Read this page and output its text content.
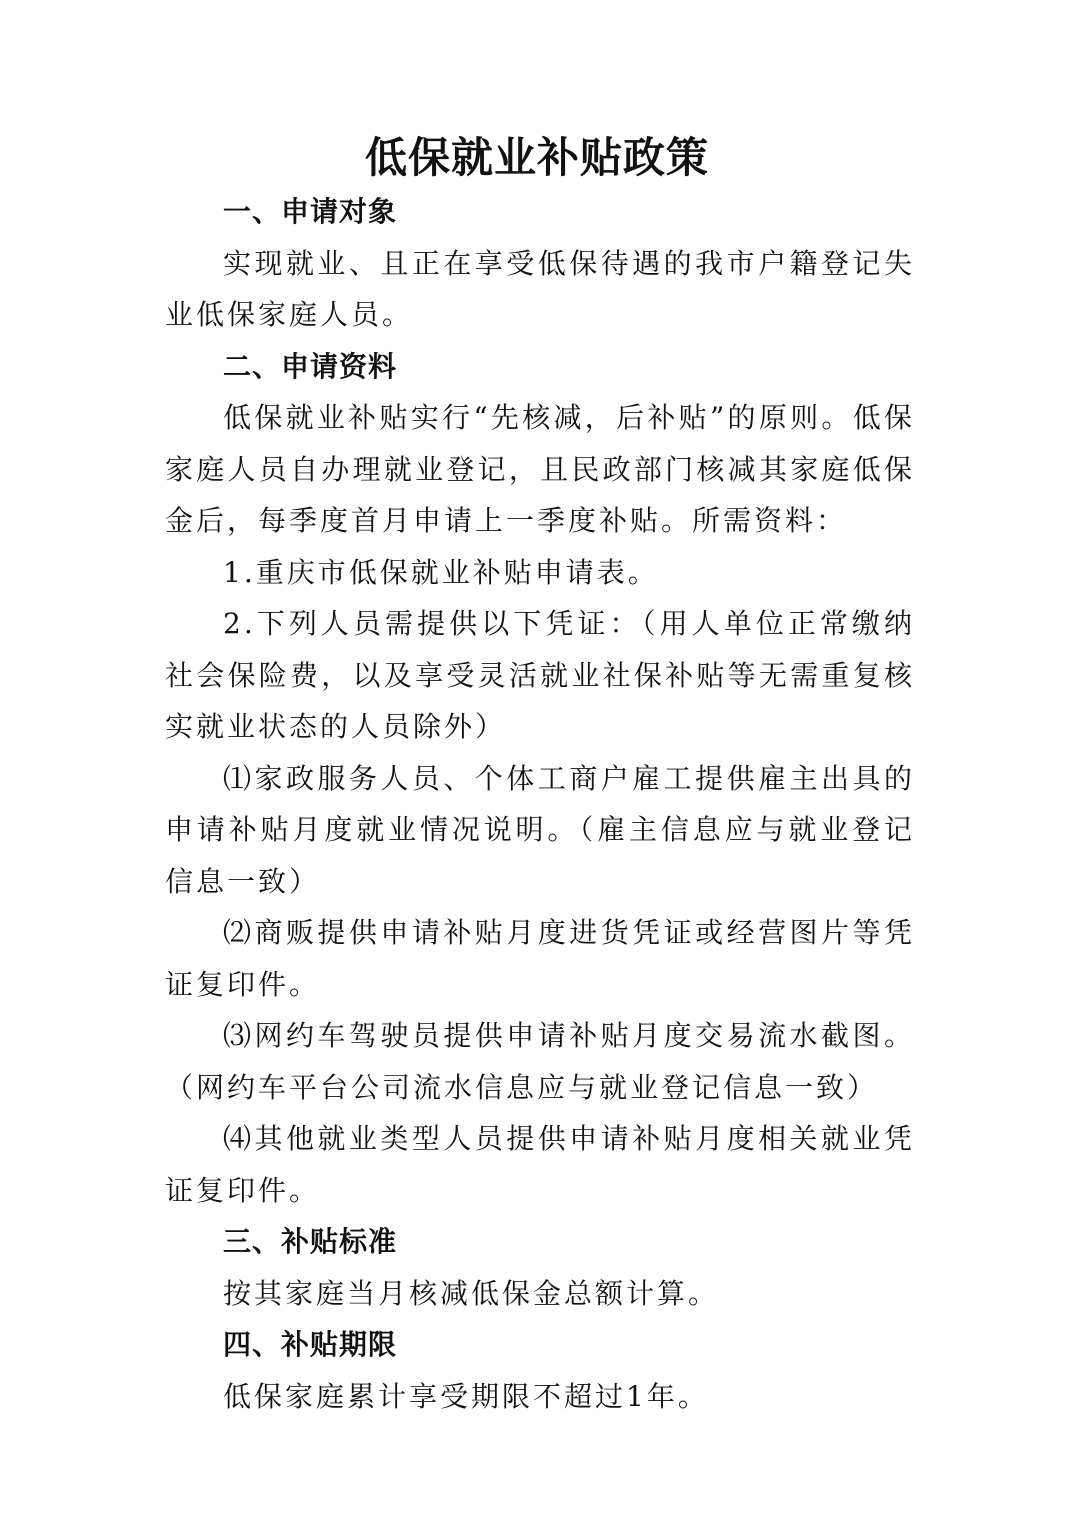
低保就业补贴政策

一、申请对象

实现就业、且正在享受低保待遇的我市户籍登记失业低保家庭人员。

二、申请资料

低保就业补贴实行“先核减，后补贴”的原则。低保家庭人员自办理就业登记，且民政部门核减其家庭低保金后，每季度首月申请上一季度补贴。所需资料：

1.重庆市低保就业补贴申请表。

2.下列人员需提供以下凭证：（用人单位正常缴纳社会保险费，以及享受灵活就业社保补贴等无需重复核实就业状态的人员除外）

⑴家政服务人员、个体工商户雇工提供雇主出具的申请补贴月度就业情况说明。（雇主信息应与就业登记信息一致）

⑵商贩提供申请补贴月度进货凭证或经营图片等凭证复印件。

⑶网约车驾驶员提供申请补贴月度交易流水截图。（网约车平台公司流水信息应与就业登记信息一致）

⑷其他就业类型人员提供申请补贴月度相关就业凭证复印件。

三、补贴标准

按其家庭当月核减低保金总额计算。

四、补贴期限

低保家庭累计享受期限不超过1年。
